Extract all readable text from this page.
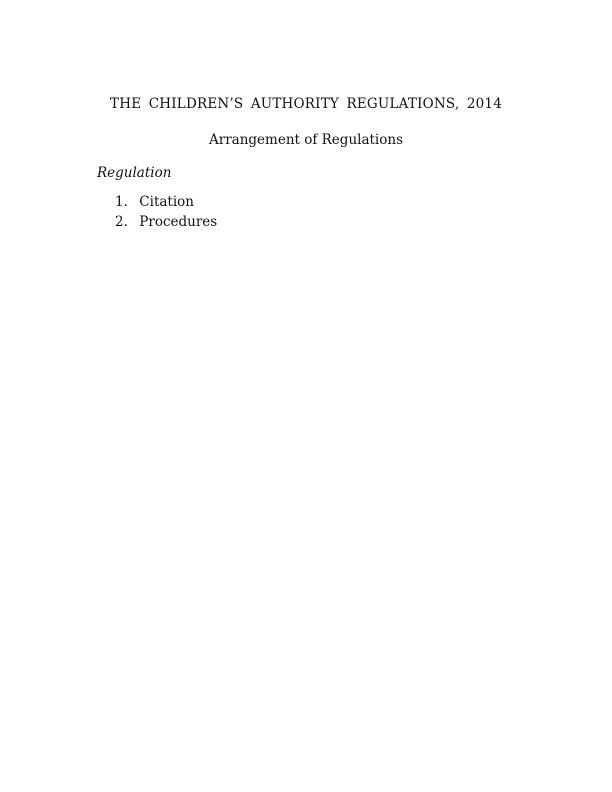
THE CHILDREN’S AUTHORITY REGULATIONS, 2014
Arrangement of Regulations

Regulation

1. Citation
2. Procedures
